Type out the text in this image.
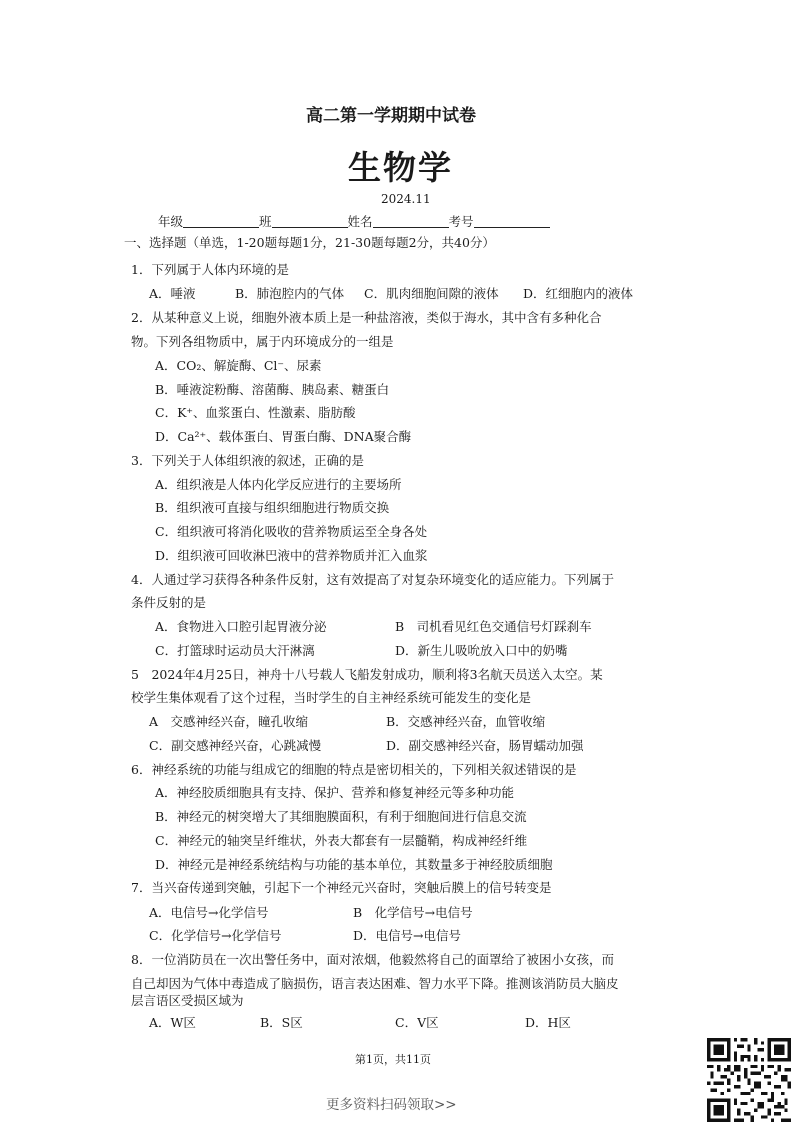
高二第一学期期中试卷
生物学
2024.11
年级	班	姓名	考号
一、选择题（单选，1-20题每题1分，21-30题每题2分，共40分）
1．下列属于人体内环境的是
A．唾液	B．肺泡腔内的气体 C．肌肉细胞间隙的液体 D．红细胞内的液体
2．从某种意义上说，细胞外液本质上是一种盐溶液，类似于海水，其中含有多种化合
物。下列各组物质中，属于内环境成分的一组是
A．CO₂、解旋酶、Cl⁻、尿素
B．唾液淀粉酶、溶菌酶、胰岛素、糖蛋白
C．K⁺、血浆蛋白、性激素、脂肪酸
D．Ca²⁺、载体蛋白、胃蛋白酶、DNA聚合酶
3．下列关于人体组织液的叙述，正确的是
A．组织液是人体内化学反应进行的主要场所
B．组织液可直接与组织细胞进行物质交换
C．组织液可将消化吸收的营养物质运至全身各处
D．组织液可回收淋巴液中的营养物质并汇入血浆
4．人通过学习获得各种条件反射，这有效提高了对复杂环境变化的适应能力。下列属于
条件反射的是
A．食物进入口腔引起胃液分泌	B　司机看见红色交通信号灯踩刹车
C．打篮球时运动员大汗淋漓	D．新生儿吸吮放入口中的奶嘴
5　2024年4月25日，神舟十八号载人飞船发射成功，顺利将3名航天员送入太空。某
校学生集体观看了这个过程，当时学生的自主神经系统可能发生的变化是
A　交感神经兴奋，瞳孔收缩	B．交感神经兴奋，血管收缩
C．副交感神经兴奋，心跳减慢	D．副交感神经兴奋，肠胃蠕动加强
6．神经系统的功能与组成它的细胞的特点是密切相关的，下列相关叙述错误的是
A．神经胶质细胞具有支持、保护、营养和修复神经元等多种功能
B．神经元的树突增大了其细胞膜面积，有利于细胞间进行信息交流
C．神经元的轴突呈纤维状，外表大都套有一层髓鞘，构成神经纤维
D．神经元是神经系统结构与功能的基本单位，其数量多于神经胶质细胞
7．当兴奋传递到突触，引起下一个神经元兴奋时，突触后膜上的信号转变是
A．电信号→化学信号	B　化学信号→电信号
C．化学信号→化学信号	D．电信号→电信号
8．一位消防员在一次出警任务中，面对浓烟，他毅然将自己的面罩给了被困小女孩，而
自己却因为气体中毒造成了脑损伤，语言表达困难、智力水平下降。推测该消防员大脑皮
层言语区受损区域为
A．W区	B．S区	C．V区	D．H区
第1页，共11页
更多资料扫码领取>>
